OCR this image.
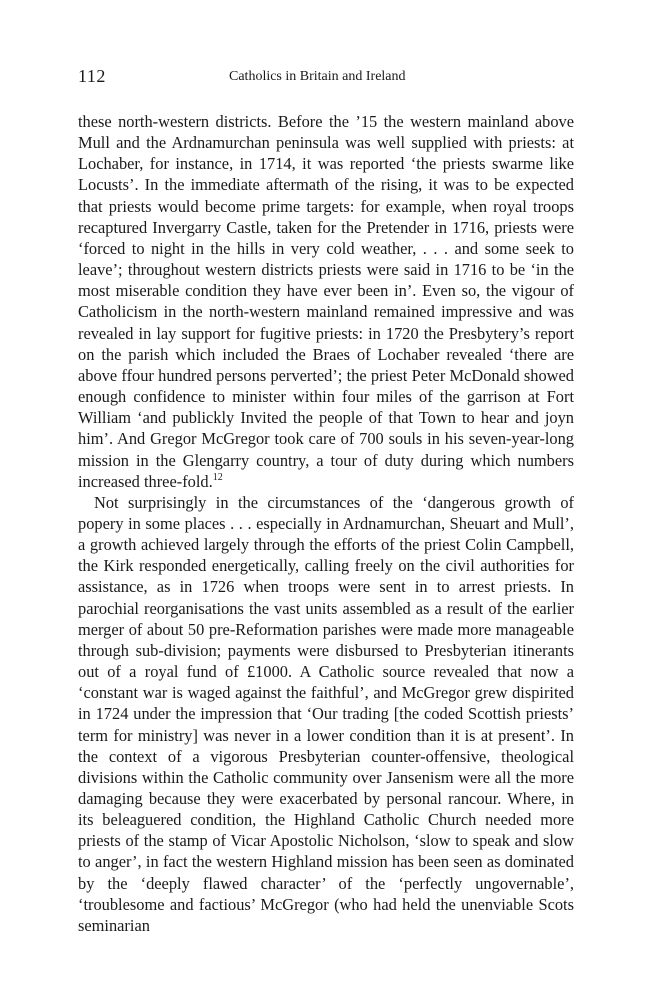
112	Catholics in Britain and Ireland

these north-western districts. Before the ’15 the western mainland above Mull and the Ardnamurchan peninsula was well supplied with priests: at Lochaber, for instance, in 1714, it was reported ‘the priests swarme like Locusts’. In the immediate aftermath of the rising, it was to be expected that priests would become prime targets: for example, when royal troops recaptured Invergarry Castle, taken for the Pretender in 1716, priests were ‘forced to night in the hills in very cold weather, . . . and some seek to leave’; throughout western districts priests were said in 1716 to be ‘in the most miserable condition they have ever been in’. Even so, the vigour of Catholicism in the north-western mainland remained impressive and was revealed in lay support for fugitive priests: in 1720 the Presbytery’s report on the parish which included the Braes of Lochaber revealed ‘there are above ffour hundred persons perverted’; the priest Peter McDonald showed enough confidence to minister within four miles of the garrison at Fort William ‘and publickly Invited the people of that Town to hear and joyn him’. And Gregor McGregor took care of 700 souls in his seven-year-long mission in the Glengarry country, a tour of duty during which numbers increased three-fold.$^{12}$

Not surprisingly in the circumstances of the ‘dangerous growth of popery in some places . . . especially in Ardnamurchan, Sheuart and Mull’, a growth achieved largely through the efforts of the priest Colin Campbell, the Kirk responded energetically, calling freely on the civil authorities for assistance, as in 1726 when troops were sent in to arrest priests. In parochial reorganisations the vast units assembled as a result of the earlier merger of about 50 pre-Reformation parishes were made more manageable through sub-division; payments were disbursed to Presbyterian itinerants out of a royal fund of £1000. A Catholic source revealed that now a ‘constant war is waged against the faithful’, and McGregor grew dispirited in 1724 under the impression that ‘Our trading [the coded Scottish priests’ term for ministry] was never in a lower condition than it is at present’. In the context of a vigorous Presbyterian counter-offensive, theological divisions within the Catholic community over Jansenism were all the more damaging because they were exacerbated by personal rancour. Where, in its beleaguered condition, the Highland Catholic Church needed more priests of the stamp of Vicar Apostolic Nicholson, ‘slow to speak and slow to anger’, in fact the western Highland mission has been seen as dominated by the ‘deeply flawed character’ of the ‘perfectly ungovernable’, ‘troublesome and factious’ McGregor (who had held the unenviable Scots seminarian
